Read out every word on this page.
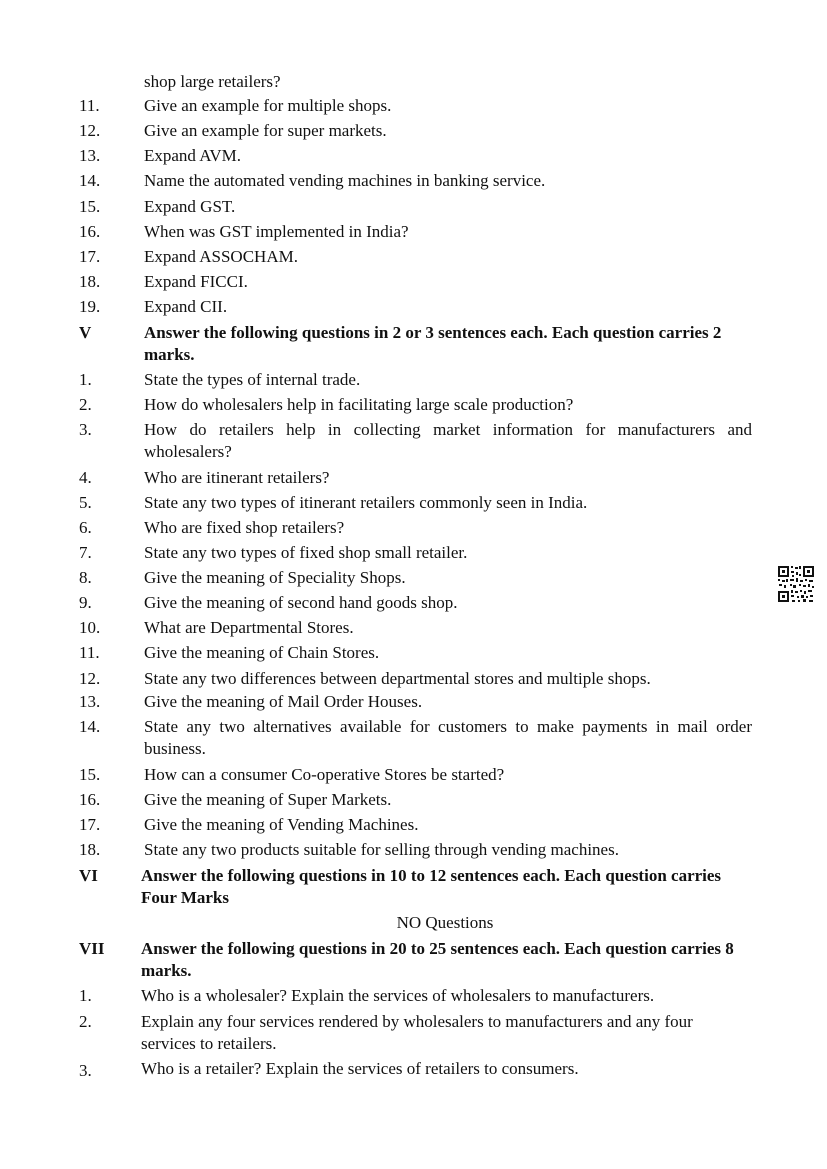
shop large retailers?
11.	Give an example for multiple shops.
12.	Give an example for super markets.
13.	Expand AVM.
14.	Name the automated vending machines in banking service.
15.	Expand GST.
16.	When was GST implemented in India?
17.	Expand ASSOCHAM.
18.	Expand FICCI.
19.	Expand CII.
V	Answer the following questions in 2 or 3 sentences each. Each question carries 2 marks.
1.	State the types of internal trade.
2.	How do wholesalers help in facilitating large scale production?
3.	How do retailers help in collecting market information for manufacturers and wholesalers?
4.	Who are itinerant retailers?
5.	State any two types of itinerant retailers commonly seen in India.
6.	Who are fixed shop retailers?
7.	State any two types of fixed shop small retailer.
8.	Give the meaning of Speciality Shops.
9.	Give the meaning of second hand goods shop.
10.	What are Departmental Stores.
11.	Give the meaning of Chain Stores.
12.	State any two differences between departmental stores and multiple shops.
13.	Give the meaning of Mail Order Houses.
14.	State any two alternatives available for customers to make payments in mail order business.
15.	How can a consumer Co-operative Stores be started?
16.	Give the meaning of Super Markets.
17.	Give the meaning of Vending Machines.
18.	State any two products suitable for selling through vending machines.
VI	Answer the following questions in 10 to 12 sentences each. Each question carries Four Marks
NO Questions
VII Answer the following questions in 20 to 25 sentences each. Each question carries 8 marks.
1.	Who is a wholesaler? Explain the services of wholesalers to manufacturers.
2.	Explain any four services rendered by wholesalers to manufacturers and any four services to retailers.
3.	Who is a retailer? Explain the services of retailers to consumers.
